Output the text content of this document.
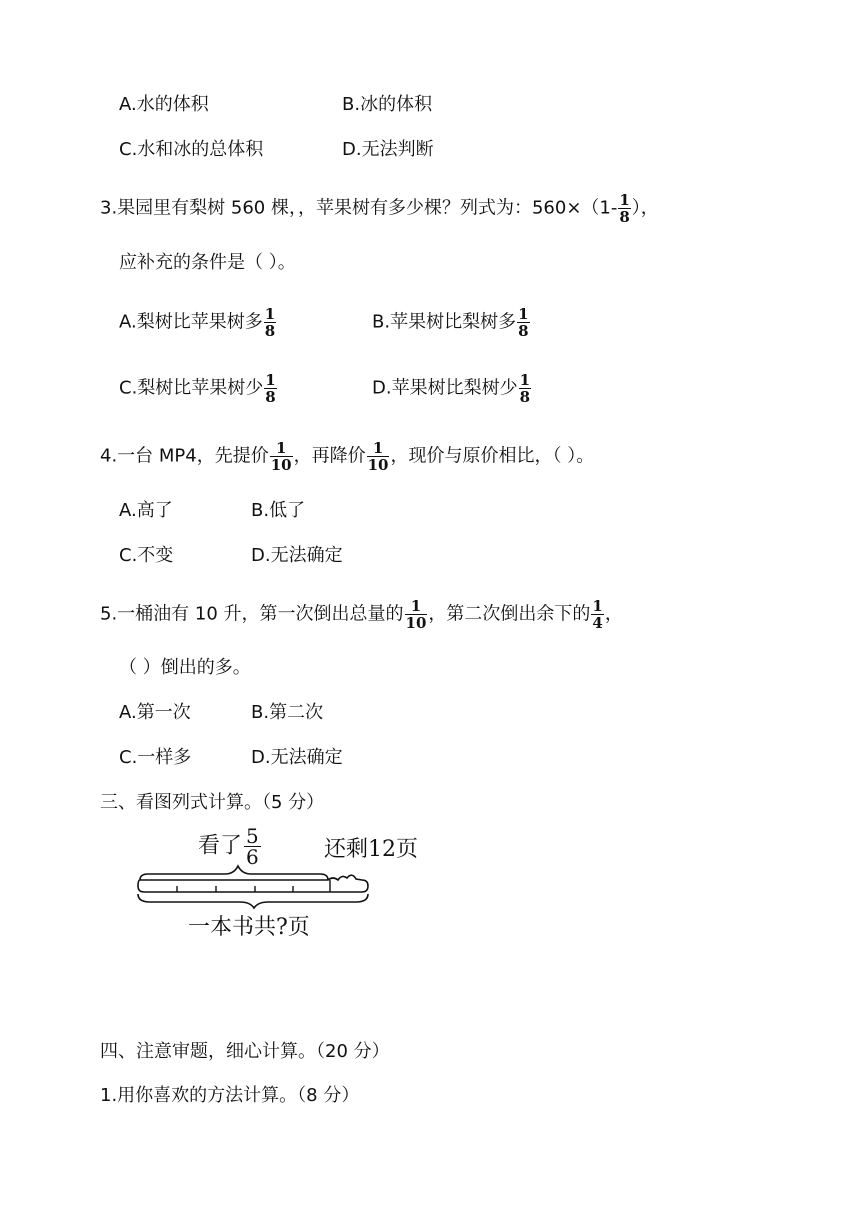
A.水的体积	B.冰的体积
C.水和冰的总体积	D.无法判断
3.果园里有梨树 560 棵，，苹果树有多少棵？列式为：$560\times(1- \frac{1}{8}$ ），
应补充的条件是（ ）。
A.梨树比苹果树多 $\frac{1}{8}$	B.苹果树比梨树多 $\frac{1}{8}$
C.梨树比苹果树少 $\frac{1}{8}$	D.苹果树比梨树少 $\frac{1}{8}$
4.一台 MP4，先提价 $\frac{1}{10}$ ，再降价 $\frac{1}{10}$ ，现价与原价相比，（ ）。
A.高了	B.低了
C.不变	D.无法确定
5.一桶油有 10 升，第一次倒出总量的 $\frac{1}{10}$ ，第二次倒出余下的 $\frac{1}{4}$ ，
（ ）倒出的多。
A.第一次	B.第二次
C.一样多	D.无法确定
三、看图列式计算。（5 分）
看了 $\frac{5}{6}$	还剩12页
一本书共?页
四、注意审题，细心计算。（20 分）
1.用你喜欢的方法计算。（8 分）
